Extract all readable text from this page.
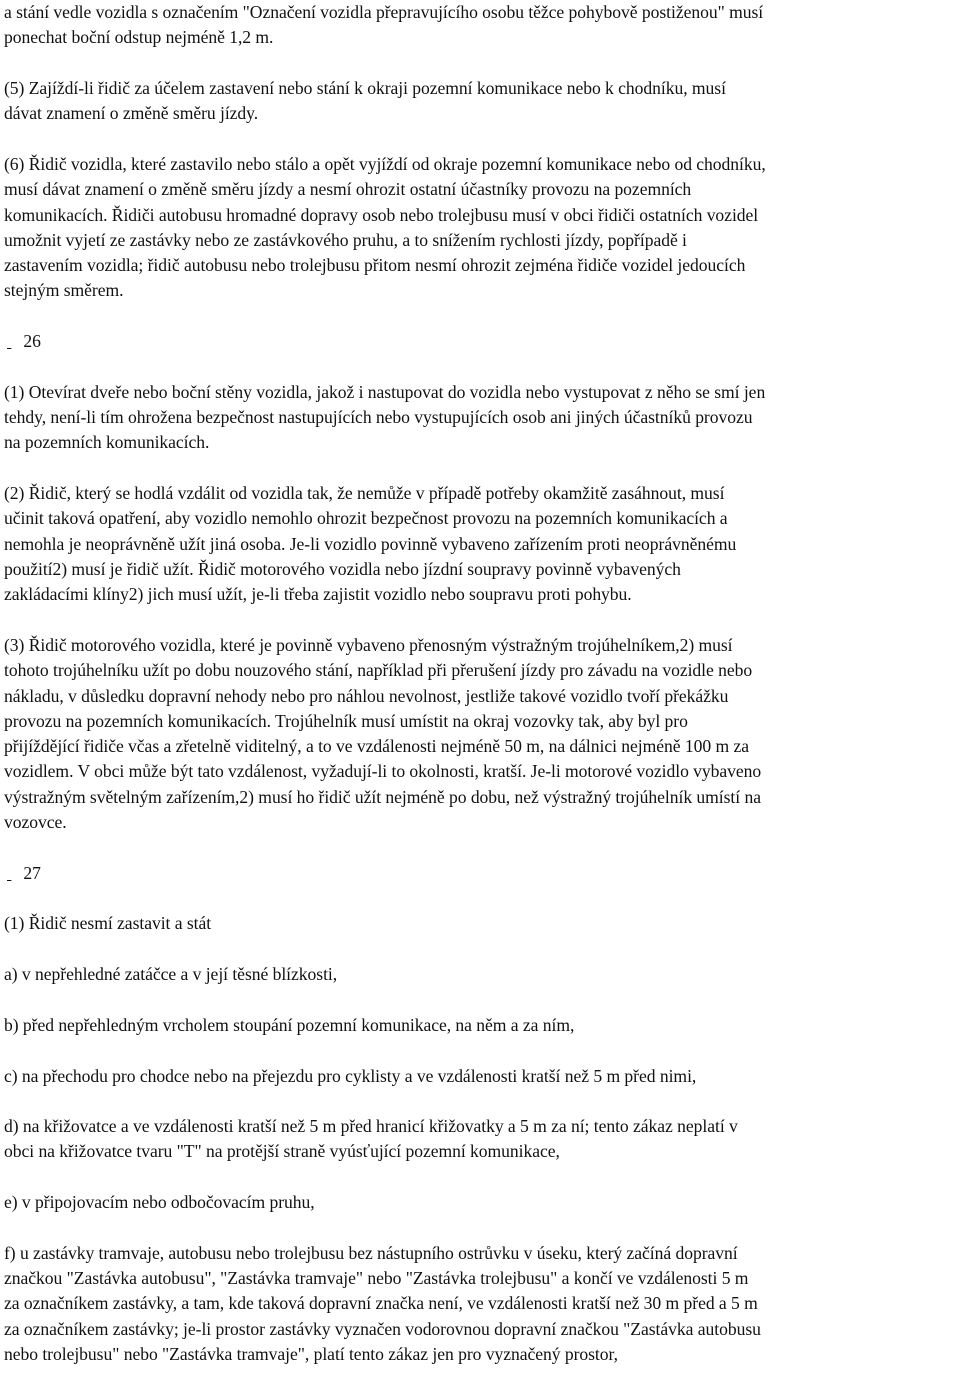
a stání vedle vozidla s označením "Označení vozidla přepravujícího osobu těžce pohybově postiženou" musí
ponechat boční odstup nejméně 1,2 m.
(5) Zajíždí-li řidič za účelem zastavení nebo stání k okraji pozemní komunikace nebo k chodníku, musí
dávat znamení o změně směru jízdy.
(6) Řidič vozidla, které zastavilo nebo stálo a opět vyjíždí od okraje pozemní komunikace nebo od chodníku,
musí dávat znamení o změně směru jízdy a nesmí ohrozit ostatní účastníky provozu na pozemních
komunikacích. Řidiči autobusu hromadné dopravy osob nebo trolejbusu musí v obci řidiči ostatních vozidel
umožnit vyjetí ze zastávky nebo ze zastávkového pruhu, a to snížením rychlosti jízdy, popřípadě i
zastavením vozidla; řidič autobusu nebo trolejbusu přitom nesmí ohrozit zejména řidiče vozidel jedoucích
stejným směrem.
26
(1) Otevírat dveře nebo boční stěny vozidla, jakož i nastupovat do vozidla nebo vystupovat z něho se smí jen
tehdy, není-li tím ohrožena bezpečnost nastupujících nebo vystupujících osob ani jiných účastníků provozu
na pozemních komunikacích.
(2) Řidič, který se hodlá vzdálit od vozidla tak, že nemůže v případě potřeby okamžitě zasáhnout, musí
učinit taková opatření, aby vozidlo nemohlo ohrozit bezpečnost provozu na pozemních komunikacích a
nemohla je neoprávněně užít jiná osoba. Je-li vozidlo povinně vybaveno zařízením proti neoprávněnému
použití2) musí je řidič užít. Řidič motorového vozidla nebo jízdní soupravy povinně vybavených
zakládacími klíny2) jich musí užít, je-li třeba zajistit vozidlo nebo soupravu proti pohybu.
(3) Řidič motorového vozidla, které je povinně vybaveno přenosným výstražným trojúhelníkem,2) musí
tohoto trojúhelníku užít po dobu nouzového stání, například při přerušení jízdy pro závadu na vozidle nebo
nákladu, v důsledku dopravní nehody nebo pro náhlou nevolnost, jestliže takové vozidlo tvoří překážku
provozu na pozemních komunikacích. Trojúhelník musí umístit na okraj vozovky tak, aby byl pro
přijíždějící řidiče včas a zřetelně viditelný, a to ve vzdálenosti nejméně 50 m, na dálnici nejméně 100 m za
vozidlem. V obci může být tato vzdálenost, vyžadují-li to okolnosti, kratší. Je-li motorové vozidlo vybaveno
výstražným světelným zařízením,2) musí ho řidič užít nejméně po dobu, než výstražný trojúhelník umístí na
vozovce.
27
(1) Řidič nesmí zastavit a stát
a) v nepřehledné zatáčce a v její těsné blízkosti,
b) před nepřehledným vrcholem stoupání pozemní komunikace, na něm a za ním,
c) na přechodu pro chodce nebo na přejezdu pro cyklisty a ve vzdálenosti kratší než 5 m před nimi,
d) na křižovatce a ve vzdálenosti kratší než 5 m před hranicí křižovatky a 5 m za ní; tento zákaz neplatí v
obci na křižovatce tvaru "T" na protější straně vyúsťující pozemní komunikace,
e) v připojovacím nebo odbočovacím pruhu,
f) u zastávky tramvaje, autobusu nebo trolejbusu bez nástupního ostrůvku v úseku, který začíná dopravní
značkou "Zastávka autobusu", "Zastávka tramvaje" nebo "Zastávka trolejbusu" a končí ve vzdálenosti 5 m
za označníkem zastávky, a tam, kde taková dopravní značka není, ve vzdálenosti kratší než 30 m před a 5 m
za označníkem zastávky; je-li prostor zastávky vyznačen vodorovnou dopravní značkou "Zastávka autobusu
nebo trolejbusu" nebo "Zastávka tramvaje", platí tento zákaz jen pro vyznačený prostor,
